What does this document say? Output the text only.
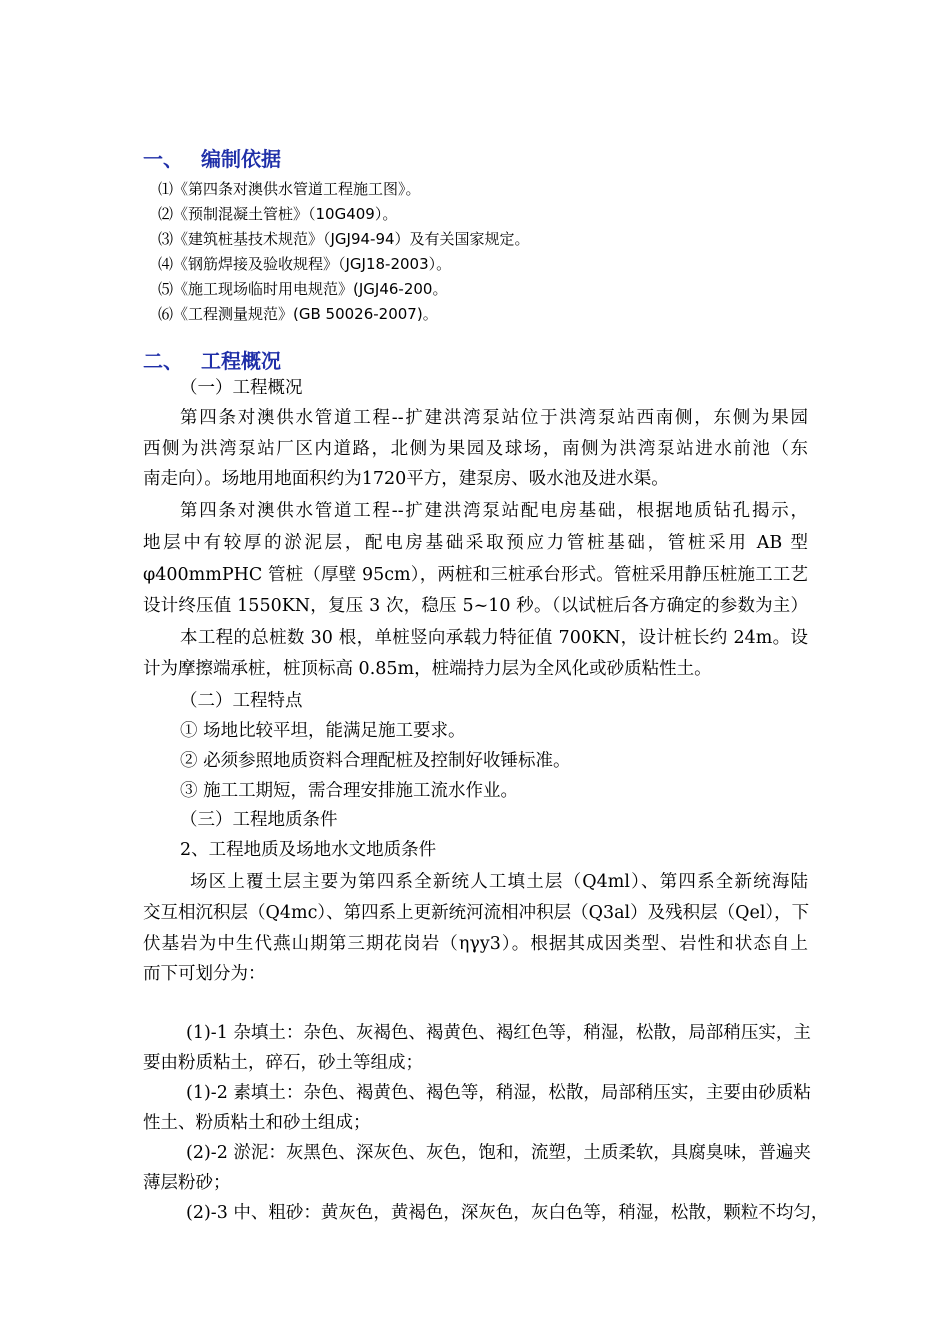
一、 编制依据
⑴《第四条对澳供水管道工程施工图》。
⑵《预制混凝土管桩》（10G409）。
⑶《建筑桩基技术规范》（JGJ94-94）及有关国家规定。
⑷《钢筋焊接及验收规程》（JGJ18-2003）。
⑸《施工现场临时用电规范》(JGJ46-200。
⑹《工程测量规范》(GB 50026-2007)。
二、 工程概况
（一）工程概况
第四条对澳供水管道工程--扩建洪湾泵站位于洪湾泵站西南侧，东侧为果园
西侧为洪湾泵站厂区内道路，北侧为果园及球场，南侧为洪湾泵站进水前池（东
南走向）。场地用地面积约为1720平方，建泵房、吸水池及进水渠。
第四条对澳供水管道工程--扩建洪湾泵站配电房基础，根据地质钻孔揭示，
地层中有较厚的淤泥层，配电房基础采取预应力管桩基础，管桩采用 AB 型
φ400mmPHC 管桩（厚壁 95cm），两桩和三桩承台形式。管桩采用静压桩施工工艺
设计终压值 1550KN，复压 3 次，稳压 5~10 秒。（以试桩后各方确定的参数为主）
本工程的总桩数 30 根，单桩竖向承载力特征值 700KN，设计桩长约 24m。设
计为摩擦端承桩，桩顶标高 0.85m，桩端持力层为全风化或砂质粘性土。
（二）工程特点
① 场地比较平坦，能满足施工要求。
② 必须参照地质资料合理配桩及控制好收锤标准。
③ 施工工期短，需合理安排施工流水作业。
（三）工程地质条件
2、工程地质及场地水文地质条件
场区上覆土层主要为第四系全新统人工填土层（Q4ml）、第四系全新统海陆
交互相沉积层（Q4mc）、第四系上更新统河流相冲积层（Q3al）及残积层（Qel），下
伏基岩为中生代燕山期第三期花岗岩（ηγy3）。根据其成因类型、岩性和状态自上
而下可划分为：
(1)-1 杂填土：杂色、灰褐色、褐黄色、褐红色等，稍湿，松散，局部稍压实，主
要由粉质粘土，碎石，砂土等组成；
(1)-2 素填土：杂色、褐黄色、褐色等，稍湿，松散，局部稍压实，主要由砂质粘
性土、粉质粘土和砂土组成；
(2)-2 淤泥：灰黑色、深灰色、灰色，饱和，流塑，土质柔软，具腐臭味，普遍夹
薄层粉砂；
(2)-3 中、粗砂：黄灰色，黄褐色，深灰色，灰白色等，稍湿，松散，颗粒不均匀，
